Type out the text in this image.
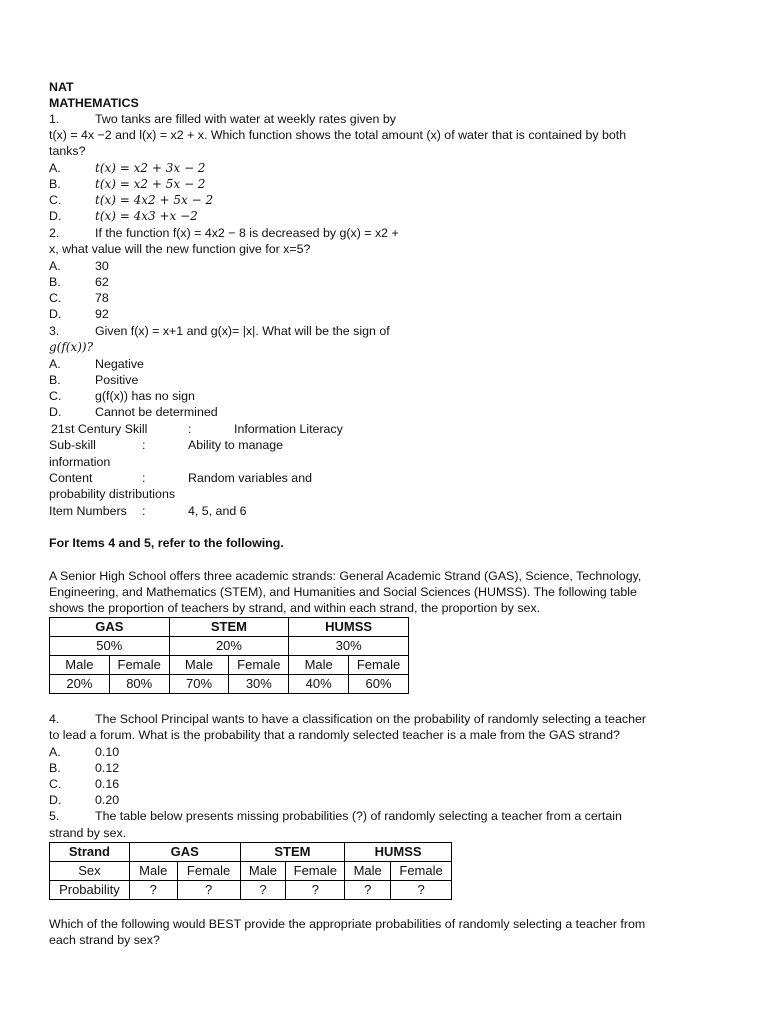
NAT
MATHEMATICS
1.	Two tanks are filled with water at weekly rates given by
t(x) = 4x −2 and l(x) = x2 + x. Which function shows the total amount (x) of water that is contained by both
tanks?
A.	t(x) = x2 + 3x − 2
B.	t(x) = x2 + 5x − 2
C.	t(x) = 4x2 + 5x − 2
D.	t(x) = 4x3 +x −2
2.	If the function f(x) = 4x2 − 8 is decreased by g(x) = x2 +
x, what value will the new function give for x=5?
A.	30
B.	62
C.	78
D.	92
3.	Given f(x) = x+1 and g(x)= |x|. What will be the sign of
g(f(x))?
A.	Negative
B.	Positive
C.	g(f(x)) has no sign
D.	Cannot be determined
21st Century Skill	:	Information Literacy
Sub-skill	:	Ability to manage
information
Content	:	Random variables and
probability distributions
Item Numbers :	4, 5, and 6
For Items 4 and 5, refer to the following.
A Senior High School offers three academic strands: General Academic Strand (GAS), Science, Technology,
Engineering, and Mathematics (STEM), and Humanities and Social Sciences (HUMSS). The following table
shows the proportion of teachers by strand, and within each strand, the proportion by sex.
GAS		STEM		HUMSS	
50%		20%		30%	
Male	Female	Male	Female	Male	Female
20%	80%	70%	30%	40%	60%
4.	The School Principal wants to have a classification on the probability of randomly selecting a teacher
to lead a forum. What is the probability that a randomly selected teacher is a male from the GAS strand?
A.	0.10
B.	0.12
C.	0.16
D.	0.20
5.	The table below presents missing probabilities (?) of randomly selecting a teacher from a certain
strand by sex.
Strand	GAS		STEM		HUMSS	
Sex	Male	Female	Male	Female	Male	Female
Probability	?	?	?	?	?	?
Which of the following would BEST provide the appropriate probabilities of randomly selecting a teacher from
each strand by sex?
